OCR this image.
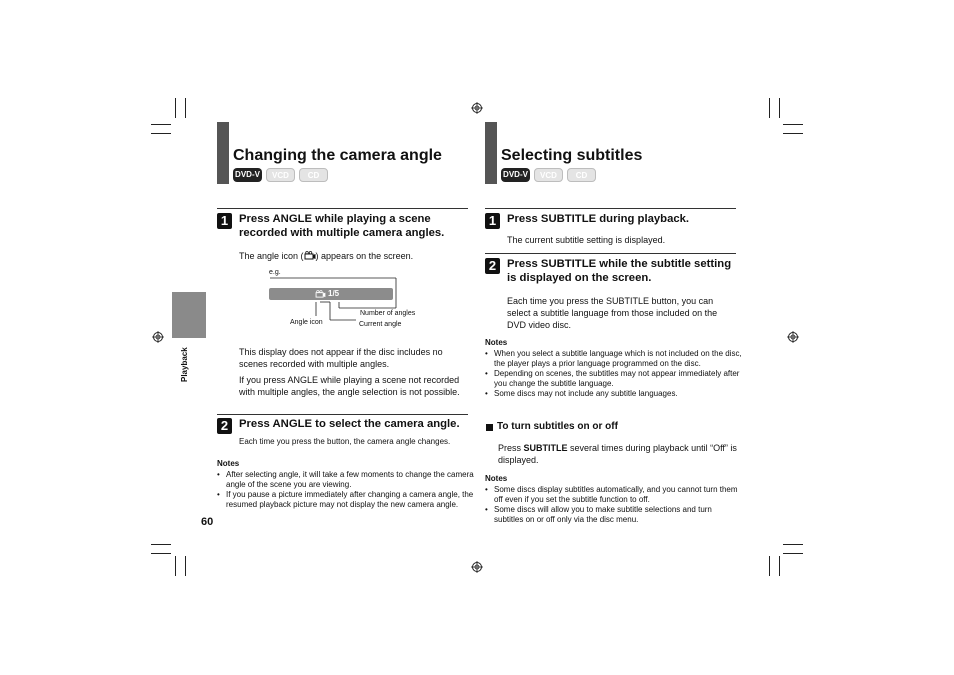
Playback
60
Changing the camera angle
DVD-V	VCD	CD
1 Press ANGLE while playing a scene recorded with multiple camera angles.
The angle icon ( ) appears on the screen.
e.g.
1/5
Number of angles
Angle icon	Current angle
This display does not appear if the disc includes no scenes recorded with multiple angles.
If you press ANGLE while playing a scene not recorded with multiple angles, the angle selection is not possible.
2 Press ANGLE to select the camera angle.
Each time you press the button, the camera angle changes.
Notes
• After selecting angle, it will take a few moments to change the camera angle of the scene you are viewing.
• If you pause a picture immediately after changing a camera angle, the resumed playback picture may not display the new camera angle.
Selecting subtitles
DVD-V	VCD	CD
1 Press SUBTITLE during playback.
The current subtitle setting is displayed.
2 Press SUBTITLE while the subtitle setting is displayed on the screen.
Each time you press the SUBTITLE button, you can select a subtitle language from those included on the DVD video disc.
Notes
• When you select a subtitle language which is not included on the disc, the player plays a prior language programmed on the disc.
• Depending on scenes, the subtitles may not appear immediately after you change the subtitle language.
• Some discs may not include any subtitle languages.
To turn subtitles on or off
Press SUBTITLE several times during playback until “Off” is displayed.
Notes
• Some discs display subtitles automatically, and you cannot turn them off even if you set the subtitle function to off.
• Some discs will allow you to make subtitle selections and turn subtitles on or off only via the disc menu.
